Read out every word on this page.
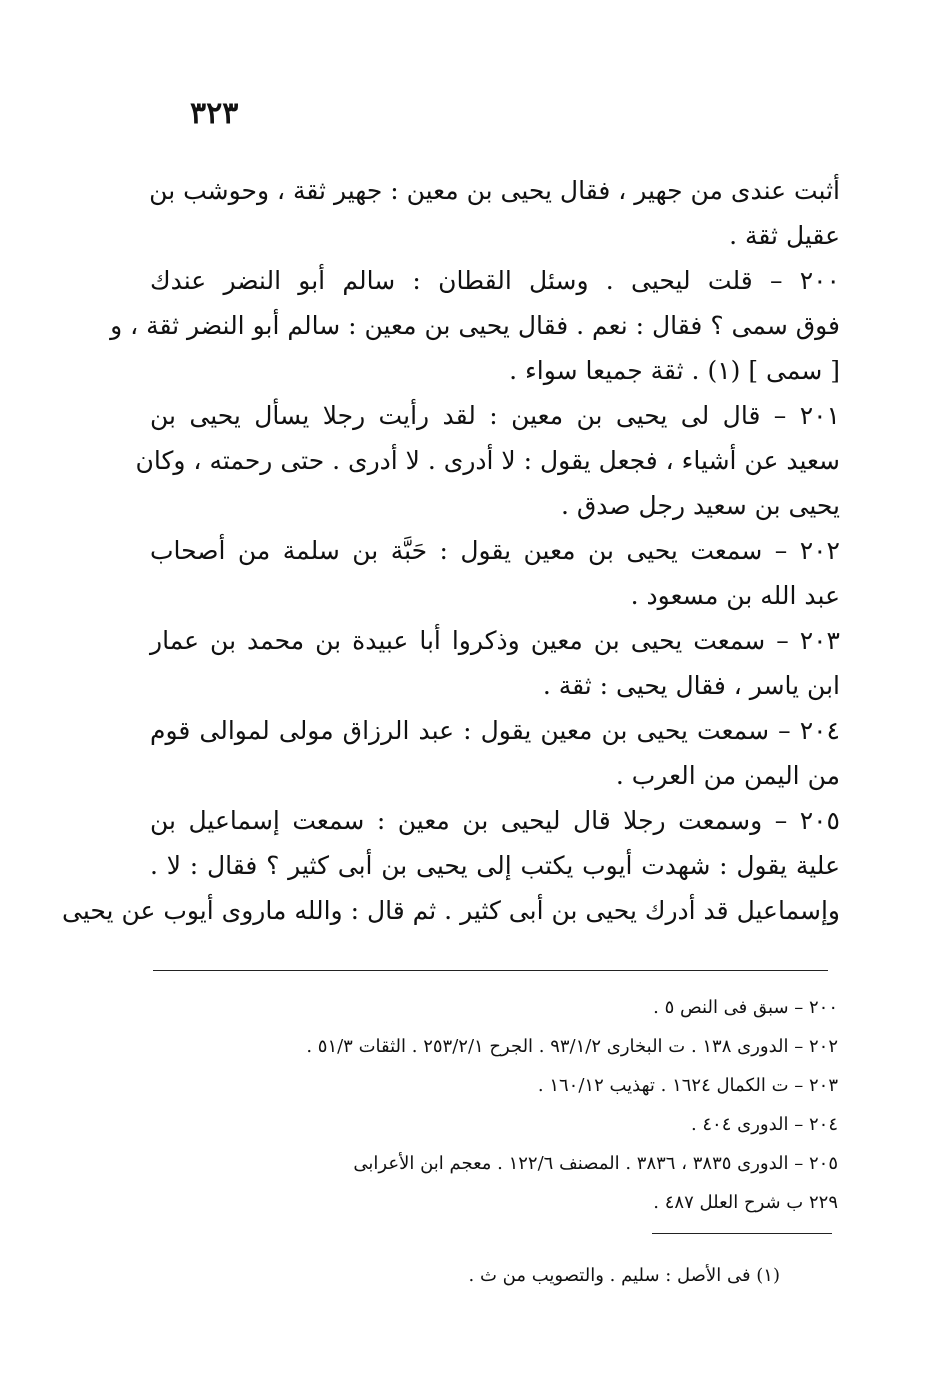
٣٢٣
أثبت عندى من جهير ، فقال يحيى بن معين : جهير ثقة ، وحوشب بن
عقيل ثقة .
٢٠٠ – قلت ليحيى . وسئل القطان : سالم أبو النضر عندك
فوق سمى ؟ فقال : نعم . فقال يحيى بن معين : سالم أبو النضر ثقة ، و
[ سمى ] (١) . ثقة جميعا سواء .
٢٠١ – قال لى يحيى بن معين : لقد رأيت رجلا يسأل يحيى بن
سعيد عن أشياء ، فجعل يقول : لا أدرى . لا أدرى . حتى رحمته ، وكان
يحيى بن سعيد رجل صدق .
٢٠٢ – سمعت يحيى بن معين يقول : حَبَّة بن سلمة من أصحاب
عبد الله بن مسعود .
٢٠٣ – سمعت يحيى بن معين وذكروا أبا عبيدة بن محمد بن عمار
ابن ياسر ، فقال يحيى : ثقة .
٢٠٤ – سمعت يحيى بن معين يقول : عبد الرزاق مولى لموالى قوم
من اليمن من العرب .
٢٠٥ – وسمعت رجلا قال ليحيى بن معين : سمعت إسماعيل بن
علية يقول : شهدت أيوب يكتب إلى يحيى بن أبى كثير ؟ فقال : لا .
وإسماعيل قد أدرك يحيى بن أبى كثير . ثم قال : والله ماروى أيوب عن يحيى
٢٠٠ – سبق فى النص ٥ .
٢٠٢ – الدورى ١٣٨ . ت البخارى ٩٣/١/٢ . الجرح ٢٥٣/٢/١ . الثقات ٥١/٣ .
٢٠٣ – ت الكمال ١٦٢٤ . تهذيب ١٦٠/١٢ .
٢٠٤ – الدورى ٤٠٤ .
٢٠٥ – الدورى ٣٨٣٥ ، ٣٨٣٦ . المصنف ١٢٢/٦ . معجم ابن الأعرابى
٢٢٩ ب شرح العلل ٤٨٧ .
(١) فى الأصل : سليم . والتصويب من ث .
